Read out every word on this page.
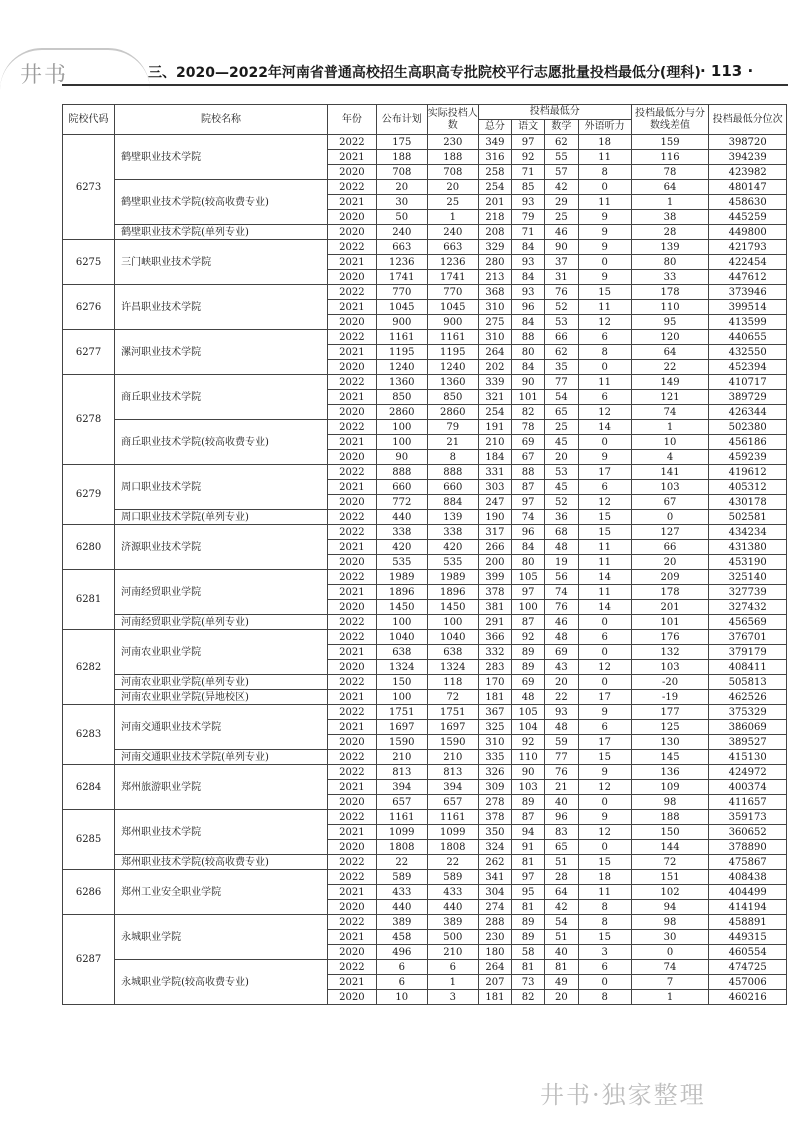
井书	三、2020—2022年河南省普通高校招生高职高专批院校平行志愿批量投档最低分(理科) · 113 ·
院校代码	院校名称	年份	公布计划	实际投档人数	投档最低分				投档最低分与分数线差值	投档最低分位次
					总分	语文	数学	外语听力		
6273	鹤壁职业技术学院	2022	175	230	349	97	62	18	159	398720
		2021	188	188	316	92	55	11	116	394239
		2020	708	708	258	71	57	8	78	423982
	鹤壁职业技术学院(较高收费专业)	2022	20	20	254	85	42	0	64	480147
		2021	30	25	201	93	29	11	1	458630
		2020	50	1	218	79	25	9	38	445259
	鹤壁职业技术学院(单列专业)	2020	240	240	208	71	46	9	28	449800
6275	三门峡职业技术学院	2022	663	663	329	84	90	9	139	421793
		2021	1236	1236	280	93	37	0	80	422454
		2020	1741	1741	213	84	31	9	33	447612
6276	许昌职业技术学院	2022	770	770	368	93	76	15	178	373946
		2021	1045	1045	310	96	52	11	110	399514
		2020	900	900	275	84	53	12	95	413599
6277	漯河职业技术学院	2022	1161	1161	310	88	66	6	120	440655
		2021	1195	1195	264	80	62	8	64	432550
		2020	1240	1240	202	84	35	0	22	452394
6278	商丘职业技术学院	2022	1360	1360	339	90	77	11	149	410717
		2021	850	850	321	101	54	6	121	389729
		2020	2860	2860	254	82	65	12	74	426344
	商丘职业技术学院(较高收费专业)	2022	100	79	191	78	25	14	1	502380
		2021	100	21	210	69	45	0	10	456186
		2020	90	8	184	67	20	9	4	459239
6279	周口职业技术学院	2022	888	888	331	88	53	17	141	419612
		2021	660	660	303	87	45	6	103	405312
		2020	772	884	247	97	52	12	67	430178
	周口职业技术学院(单列专业)	2022	440	139	190	74	36	15	0	502581
6280	济源职业技术学院	2022	338	338	317	96	68	15	127	434234
		2021	420	420	266	84	48	11	66	431380
		2020	535	535	200	80	19	11	20	453190
6281	河南经贸职业学院	2022	1989	1989	399	105	56	14	209	325140
		2021	1896	1896	378	97	74	11	178	327739
		2020	1450	1450	381	100	76	14	201	327432
	河南经贸职业学院(单列专业)	2022	100	100	291	87	46	0	101	456569
6282	河南农业职业学院	2022	1040	1040	366	92	48	6	176	376701
		2021	638	638	332	89	69	0	132	379179
		2020	1324	1324	283	89	43	12	103	408411
	河南农业职业学院(单列专业)	2022	150	118	170	69	20	0	-20	505813
	河南农业职业学院(异地校区)	2021	100	72	181	48	22	17	-19	462526
6283	河南交通职业技术学院	2022	1751	1751	367	105	93	9	177	375329
		2021	1697	1697	325	104	48	6	125	386069
		2020	1590	1590	310	92	59	17	130	389527
	河南交通职业技术学院(单列专业)	2022	210	210	335	110	77	15	145	415130
6284	郑州旅游职业学院	2022	813	813	326	90	76	9	136	424972
		2021	394	394	309	103	21	12	109	400374
		2020	657	657	278	89	40	0	98	411657
6285	郑州职业技术学院	2022	1161	1161	378	87	96	9	188	359173
		2021	1099	1099	350	94	83	12	150	360652
		2020	1808	1808	324	91	65	0	144	378890
	郑州职业技术学院(较高收费专业)	2022	22	22	262	81	51	15	72	475867
6286	郑州工业安全职业学院	2022	589	589	341	97	28	18	151	408438
		2021	433	433	304	95	64	11	102	404499
		2020	440	440	274	81	42	8	94	414194
6287	永城职业学院	2022	389	389	288	89	54	8	98	458891
		2021	458	500	230	89	51	15	30	449315
		2020	496	210	180	58	40	3	0	460554
	永城职业学院(较高收费专业)	2022	6	6	264	81	81	6	74	474725
		2021	6	1	207	73	49	0	7	457006
		2020	10	3	181	82	20	8	1	460216
井书·独家整理
